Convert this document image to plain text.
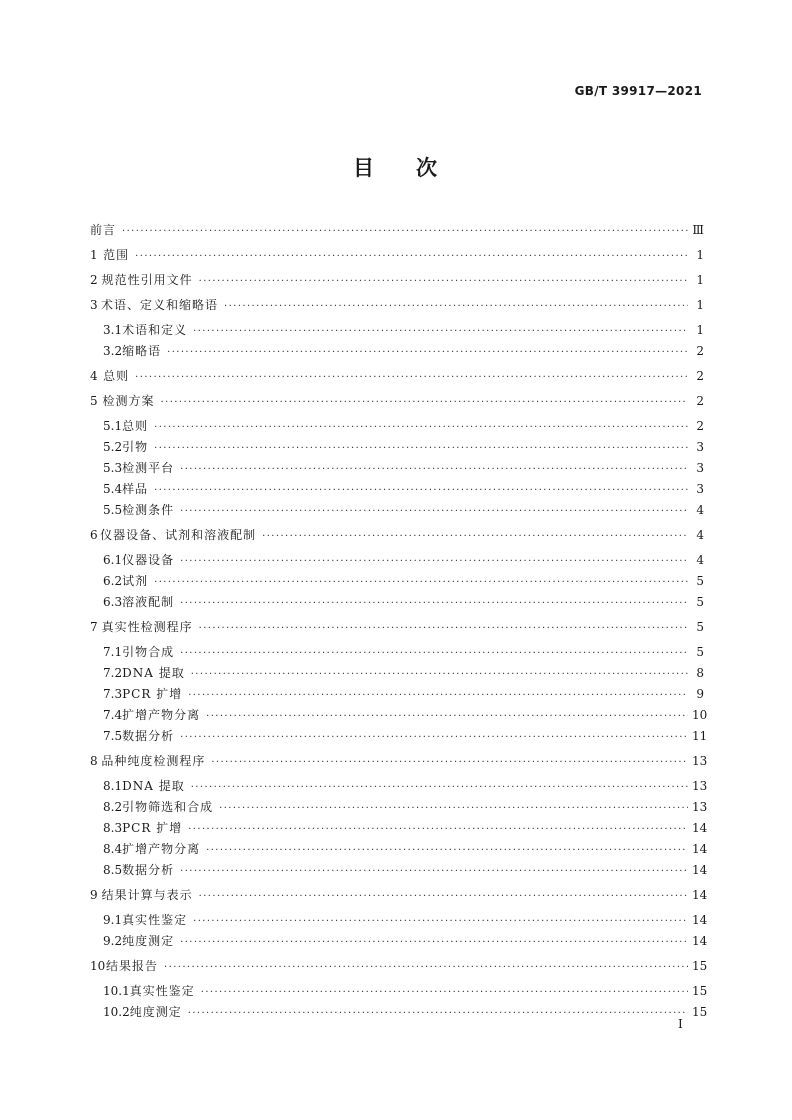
GB/T 39917—2021
目 次
前言 ·····	Ⅲ
1 范围 ·····	1
2 规范性引用文件 ·····	1
3 术语、定义和缩略语 ·····	1
3.1 术语和定义 ·····	1
3.2 缩略语 ·····	2
4 总则 ·····	2
5 检测方案 ·····	2
5.1 总则 ·····	2
5.2 引物 ·····	3
5.3 检测平台 ·····	3
5.4 样品 ·····	3
5.5 检测条件 ·····	4
6 仪器设备、试剂和溶液配制 ·····	4
6.1 仪器设备 ·····	4
6.2 试剂 ·····	5
6.3 溶液配制 ·····	5
7 真实性检测程序 ·····	5
7.1 引物合成 ·····	5
7.2 DNA 提取 ·····	8
7.3 PCR 扩增 ·····	9
7.4 扩增产物分离 ·····	10
7.5 数据分析 ·····	11
8 品种纯度检测程序 ·····	13
8.1 DNA 提取 ·····	13
8.2 引物筛选和合成 ·····	13
8.3 PCR 扩增 ·····	14
8.4 扩增产物分离 ·····	14
8.5 数据分析 ·····	14
9 结果计算与表示 ·····	14
9.1 真实性鉴定 ·····	14
9.2 纯度测定 ·····	14
10 结果报告 ·····	15
10.1 真实性鉴定 ·····	15
10.2 纯度测定 ·····	15
I
